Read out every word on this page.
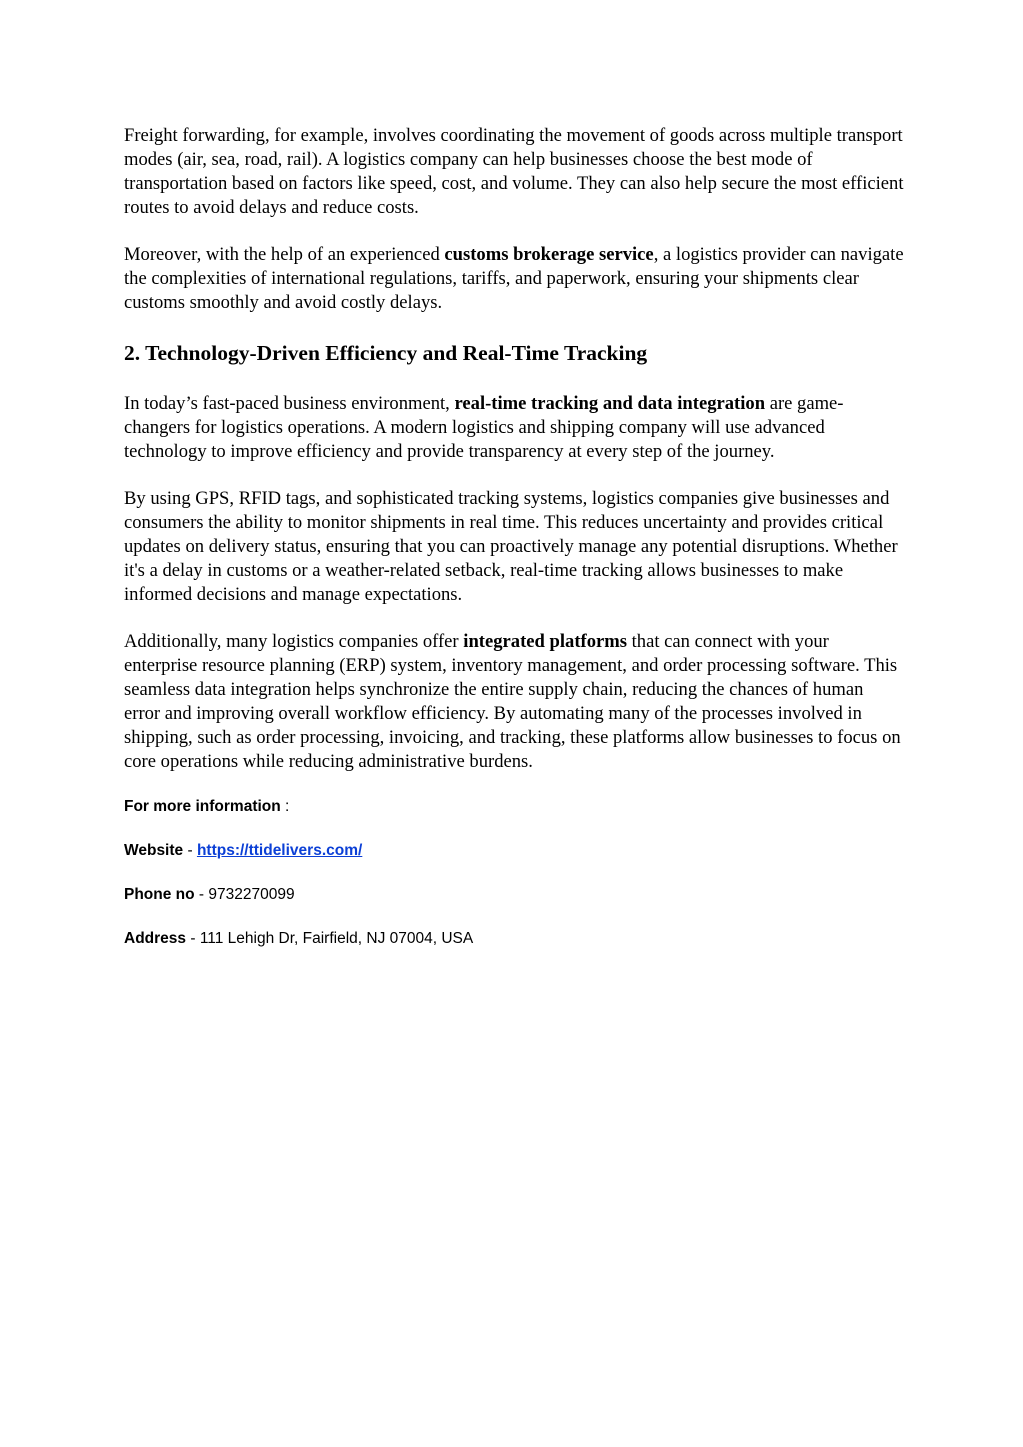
Freight forwarding, for example, involves coordinating the movement of goods across multiple transport modes (air, sea, road, rail). A logistics company can help businesses choose the best mode of transportation based on factors like speed, cost, and volume. They can also help secure the most efficient routes to avoid delays and reduce costs.

Moreover, with the help of an experienced customs brokerage service, a logistics provider can navigate the complexities of international regulations, tariffs, and paperwork, ensuring your shipments clear customs smoothly and avoid costly delays.

2. Technology-Driven Efficiency and Real-Time Tracking

In today’s fast-paced business environment, real-time tracking and data integration are game-changers for logistics operations. A modern logistics and shipping company will use advanced technology to improve efficiency and provide transparency at every step of the journey.

By using GPS, RFID tags, and sophisticated tracking systems, logistics companies give businesses and consumers the ability to monitor shipments in real time. This reduces uncertainty and provides critical updates on delivery status, ensuring that you can proactively manage any potential disruptions. Whether it's a delay in customs or a weather-related setback, real-time tracking allows businesses to make informed decisions and manage expectations.

Additionally, many logistics companies offer integrated platforms that can connect with your enterprise resource planning (ERP) system, inventory management, and order processing software. This seamless data integration helps synchronize the entire supply chain, reducing the chances of human error and improving overall workflow efficiency. By automating many of the processes involved in shipping, such as order processing, invoicing, and tracking, these platforms allow businesses to focus on core operations while reducing administrative burdens.

For more information :
Website - https://ttidelivers.com/
Phone no - 9732270099
Address - 111 Lehigh Dr, Fairfield, NJ 07004, USA
